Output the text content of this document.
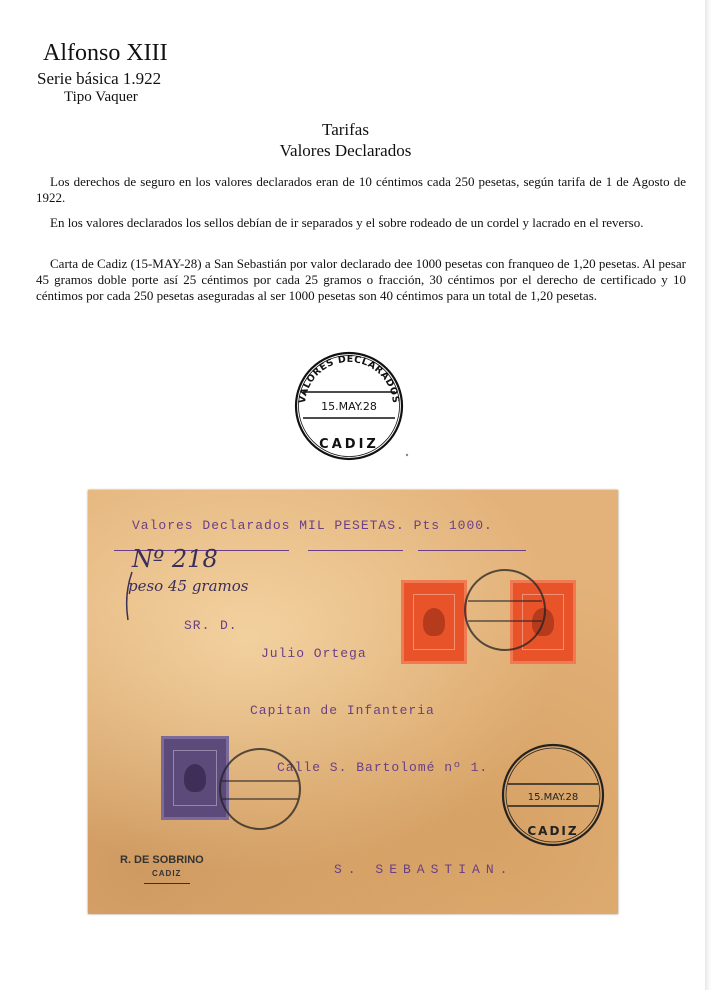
Alfonso XIII
Serie básica 1.922
Tipo Vaquer
Tarifas
Valores Declarados
Los derechos de seguro en los valores declarados eran de 10 céntimos cada 250 pesetas, según tarifa de 1 de Agosto de 1922.
En los valores declarados los sellos debían de ir separados y el sobre rodeado de un cordel y lacrado en el reverso.
Carta de Cadiz (15-MAY-28) a San Sebastián por valor declarado dee 1000 pesetas con franqueo de 1,20 pesetas. Al pesar 45 gramos doble porte así 25 céntimos por cada 25 gramos o fracción, 30 céntimos por el derecho de certificado y 10 céntimos por cada 250 pesetas aseguradas al ser 1000 pesetas son 40 céntimos para un total de 1,20 pesetas.
VALORES DECLARADOS
15.MAY.28
CADIZ
Valores Declarados MIL PESETAS. Pts 1000.
Nº 218
peso 45 gramos
SR. D.
Julio Ortega
Capitan de Infanteria
Calle S. Bartolomé nº 1.
S. SEBASTIAN.
15.MAY.28
CADIZ
R. DE SOBRINO
CADIZ
